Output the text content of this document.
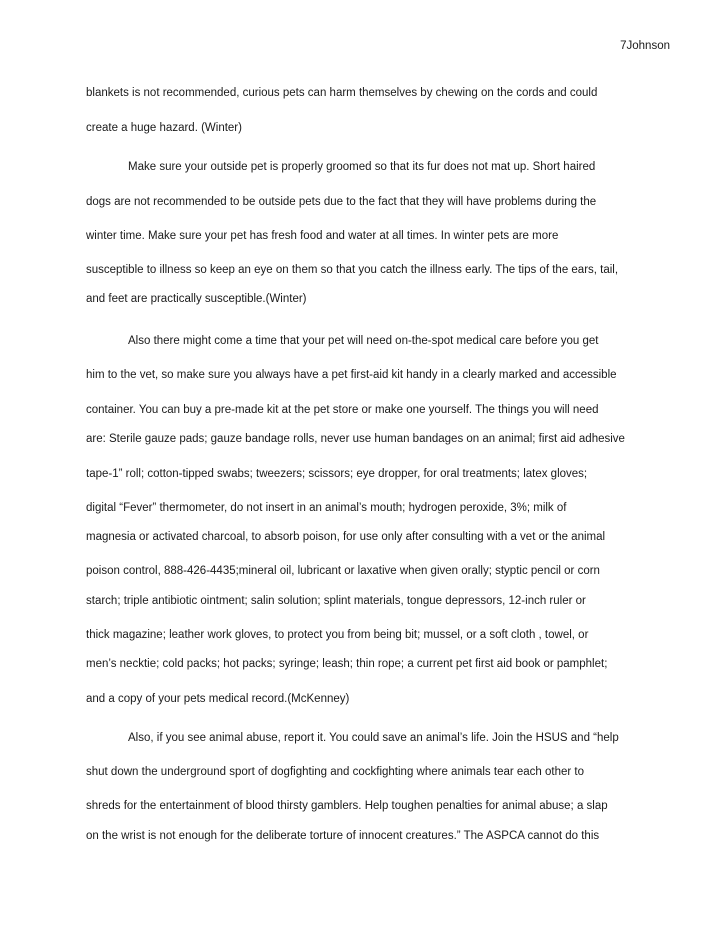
7Johnson
blankets is not recommended, curious pets can harm themselves by chewing on the cords and could
create a huge hazard. (Winter)
Make sure your outside pet is properly groomed so that its fur does not mat up. Short haired
dogs are not recommended to be outside pets due to the fact that they will have problems during the
winter time. Make sure your pet has fresh food and water at all times. In winter pets are more
susceptible to illness so keep an eye on them so that you catch the illness early. The tips of the ears, tail,
and feet are practically susceptible.(Winter)
Also there might come a time that your pet will need on-the-spot medical care before you get
him to the vet, so make sure you always have a pet first-aid kit handy in a clearly marked and accessible
container. You can buy a pre-made kit at the pet store or make one yourself. The things you will need
are: Sterile gauze pads; gauze bandage rolls, never use human bandages on an animal; first aid adhesive
tape-1” roll; cotton-tipped swabs; tweezers; scissors; eye dropper, for oral treatments; latex gloves;
digital “Fever” thermometer, do not insert in an animal’s mouth; hydrogen peroxide, 3%; milk of
magnesia or activated charcoal, to absorb poison, for use only after consulting with a vet or the animal
poison control, 888-426-4435;mineral oil, lubricant or laxative when given orally; styptic pencil or corn
starch; triple antibiotic ointment; salin solution; splint materials, tongue depressors, 12-inch ruler or
thick magazine; leather work gloves, to protect you from being bit; mussel, or a soft cloth , towel, or
men’s necktie; cold packs; hot packs; syringe; leash; thin rope; a current pet first aid book or pamphlet;
and a copy of your pets medical record.(McKenney)
Also, if you see animal abuse, report it. You could save an animal’s life. Join the HSUS and “help
shut down the underground sport of dogfighting and cockfighting where animals tear each other to
shreds for the entertainment of blood thirsty gamblers. Help toughen penalties for animal abuse; a slap
on the wrist is not enough for the deliberate torture of innocent creatures.” The ASPCA cannot do this
